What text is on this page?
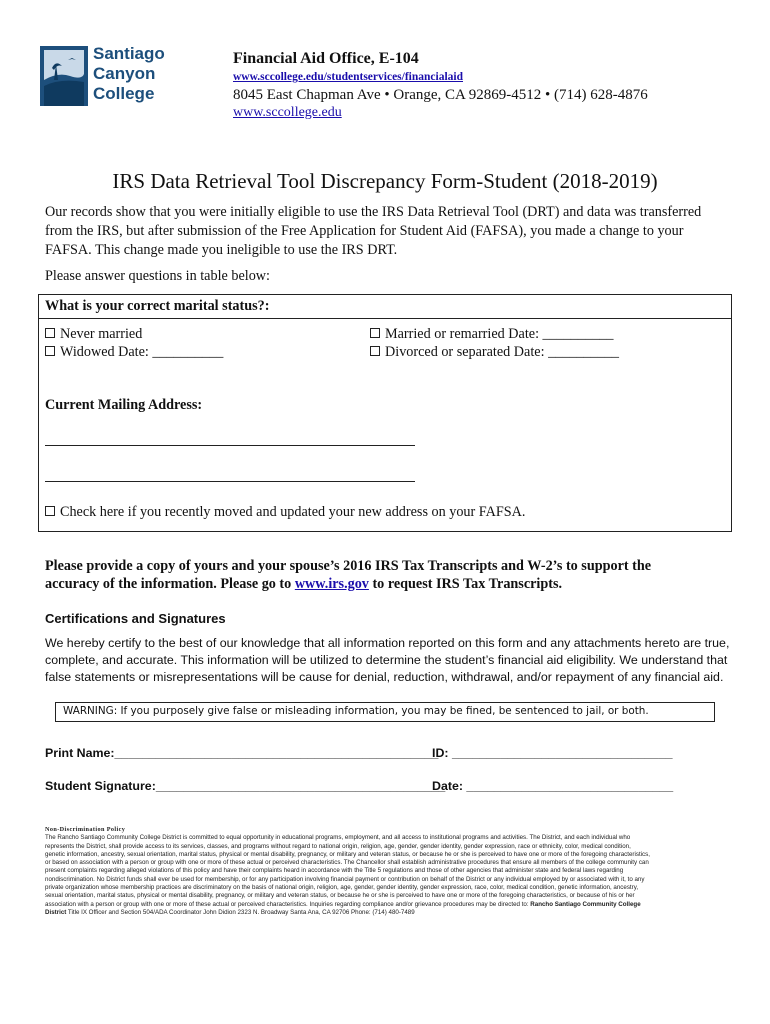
Santiago
Canyon
College
Financial Aid Office, E-104
www.sccollege.edu/studentservices/financialaid
8045 East Chapman Ave • Orange, CA 92869-4512 • (714) 628-4876
www.sccollege.edu
IRS Data Retrieval Tool Discrepancy Form-Student (2018-2019)
Our records show that you were initially eligible to use the IRS Data Retrieval Tool (DRT) and data was transferred from the IRS, but after submission of the Free Application for Student Aid (FAFSA), you made a change to your FAFSA. This change made you ineligible to use the IRS DRT.
Please answer questions in table below:
What is your correct marital status?:
Never married
Widowed Date: __________
Married or remarried Date: __________
Divorced or separated Date: __________
Current Mailing Address:
Check here if you recently moved and updated your new address on your FAFSA.
Please provide a copy of yours and your spouse’s 2016 IRS Tax Transcripts and W-2’s to support the
accuracy of the information. Please go to www.irs.gov to request IRS Tax Transcripts.
Certifications and Signatures
We hereby certify to the best of our knowledge that all information reported on this form and any attachments hereto are true, complete, and accurate. This information will be utilized to determine the student’s financial aid eligibility. We understand that false statements or misrepresentations will be cause for denial, reduction, withdrawal, and/or repayment of any financial aid.
WARNING: If you purposely give false or misleading information, you may be fined, be sentenced to jail, or both.
Print Name:_______________________________________________
ID: ________________________________
Student Signature:__________________________________________
Date: ______________________________
Non-Discrimination Policy
The Rancho Santiago Community College District is committed to equal opportunity in educational programs, employment, and all access to institutional programs and activities. The District, and each individual who
represents the District, shall provide access to its services, classes, and programs without regard to national origin, religion, age, gender, gender identity, gender expression, race or ethnicity, color, medical condition,
genetic information, ancestry, sexual orientation, marital status, physical or mental disability, pregnancy, or military and veteran status, or because he or she is perceived to have one or more of the foregoing characteristics,
or based on association with a person or group with one or more of these actual or perceived characteristics. The Chancellor shall establish administrative procedures that ensure all members of the college community can
present complaints regarding alleged violations of this policy and have their complaints heard in accordance with the Title 5 regulations and those of other agencies that administer state and federal laws regarding
nondiscrimination. No District funds shall ever be used for membership, or for any participation involving financial payment or contribution on behalf of the District or any individual employed by or associated with it, to any
private organization whose membership practices are discriminatory on the basis of national origin, religion, age, gender, gender identity, gender expression, race, color, medical condition, genetic information, ancestry,
sexual orientation, marital status, physical or mental disability, pregnancy, or military and veteran status, or because he or she is perceived to have one or more of the foregoing characteristics, or because of his or her
association with a person or group with one or more of these actual or perceived characteristics. Inquiries regarding compliance and/or grievance procedures may be directed to: Rancho Santiago Community College
District Title IX Officer and Section 504/ADA Coordinator John Didion 2323 N. Broadway Santa Ana, CA 92706 Phone: (714) 480-7489
